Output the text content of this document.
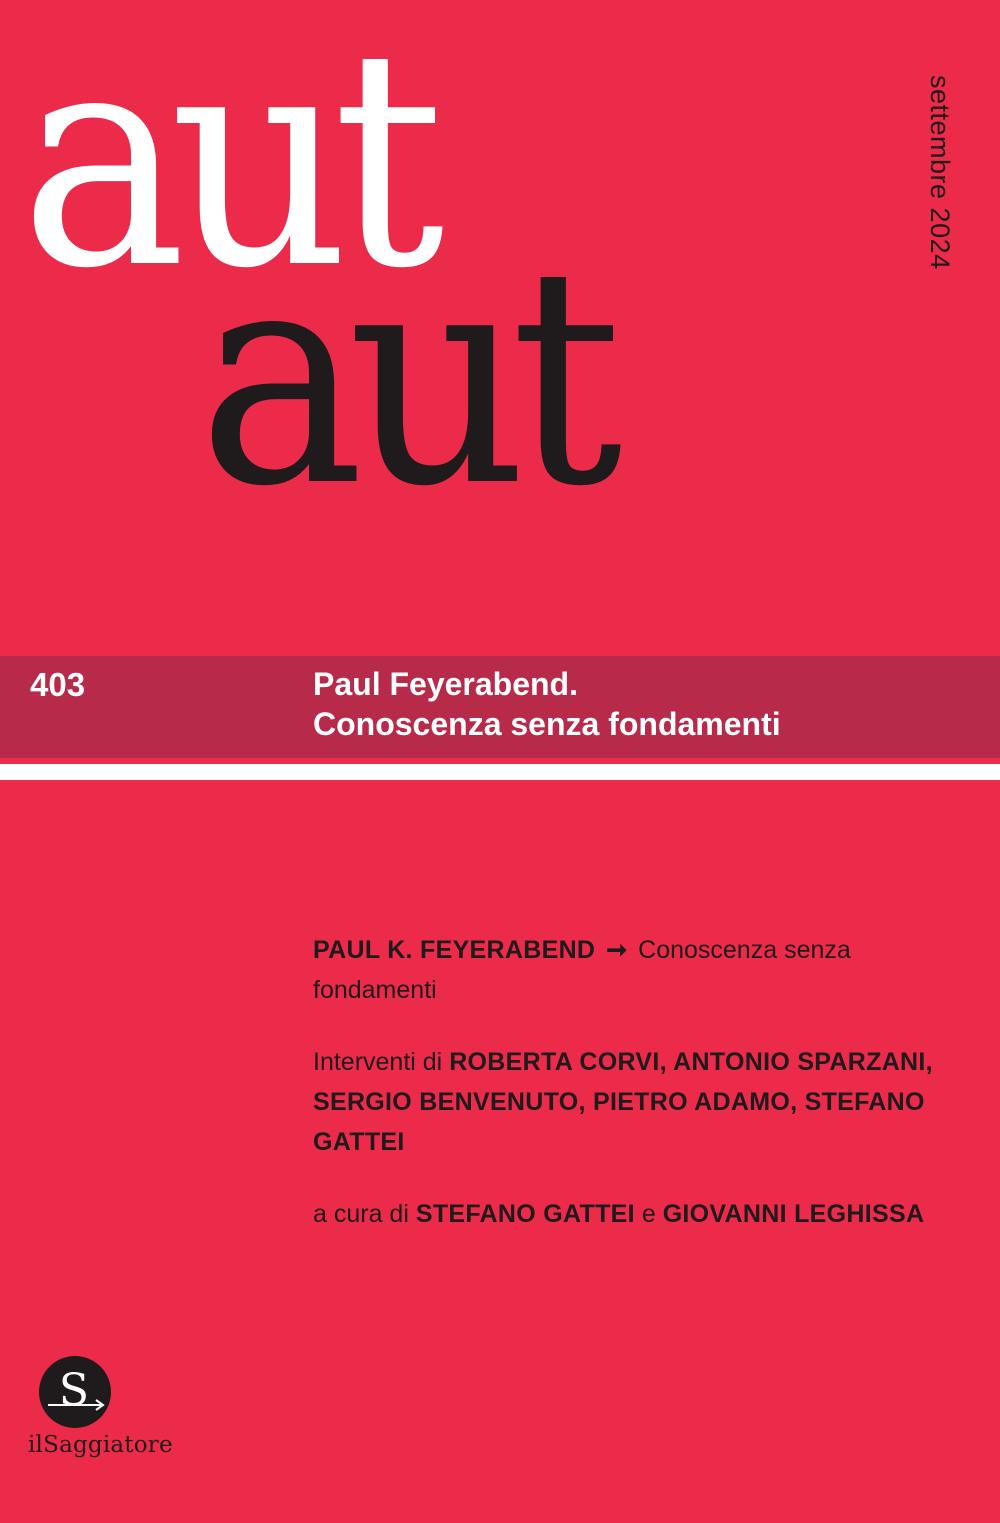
aut
aut
settembre 2024
403	Paul Feyerabend.
Conoscenza senza fondamenti

PAUL K. FEYERABEND ➞ Conoscenza senza fondamenti

Interventi di ROBERTA CORVI, ANTONIO SPARZANI, SERGIO BENVENUTO, PIETRO ADAMO, STEFANO GATTEI

a cura di STEFANO GATTEI e GIOVANNI LEGHISSA

S
ilSaggiatore
